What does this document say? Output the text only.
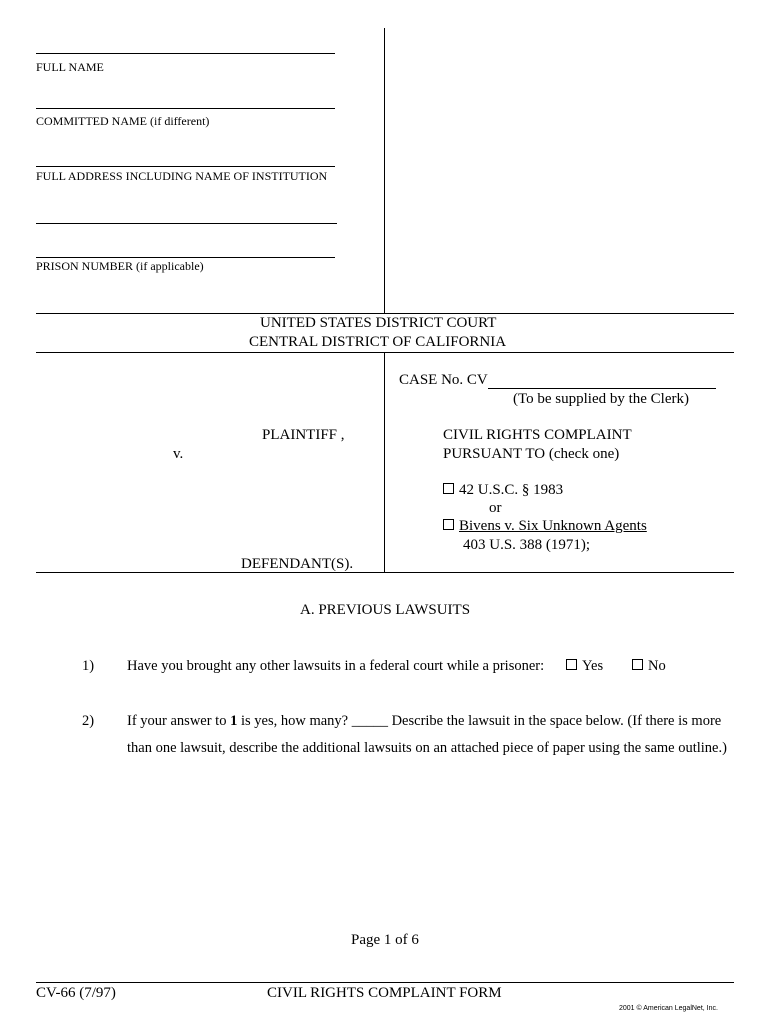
FULL NAME
COMMITTED NAME (if different)
FULL ADDRESS INCLUDING NAME OF INSTITUTION
PRISON NUMBER (if applicable)
UNITED STATES DISTRICT COURT
CENTRAL DISTRICT OF CALIFORNIA
PLAINTIFF ,
v.
DEFENDANT(S).
CASE No. CV
(To be supplied by the Clerk)
CIVIL RIGHTS COMPLAINT
PURSUANT TO (check one)
42 U.S.C. § 1983
or
Bivens v. Six Unknown Agents
403 U.S. 388 (1971);
A. PREVIOUS LAWSUITS
1) Have you brought any other lawsuits in a federal court while a prisoner:	Yes	No
2) If your answer to 1 is yes, how many? _____ Describe the lawsuit in the space below. (If there is more
than one lawsuit, describe the additional lawsuits on an attached piece of paper using the same outline.)
Page 1 of 6
CV-66 (7/97)	CIVIL RIGHTS COMPLAINT FORM
2001 © American LegalNet, Inc.
